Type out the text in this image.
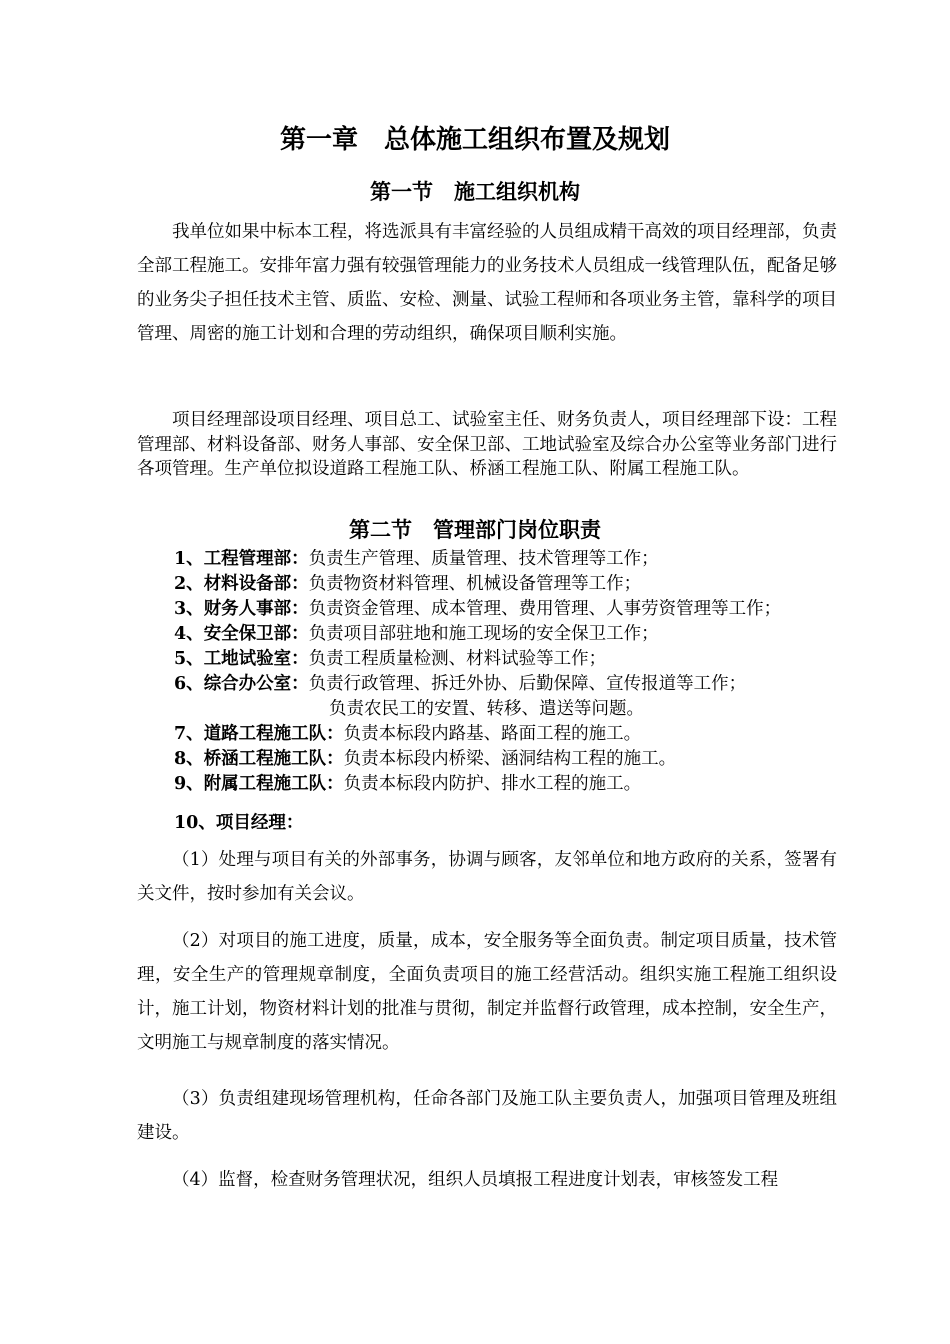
第一章　总体施工组织布置及规划
第一节　施工组织机构
我单位如果中标本工程，将选派具有丰富经验的人员组成精干高效的项目经理部，负责全部工程施工。安排年富力强有较强管理能力的业务技术人员组成一线管理队伍，配备足够的业务尖子担任技术主管、质监、安检、测量、试验工程师和各项业务主管，靠科学的项目管理、周密的施工计划和合理的劳动组织，确保项目顺利实施。
项目经理部设项目经理、项目总工、试验室主任、财务负责人，项目经理部下设：工程管理部、材料设备部、财务人事部、安全保卫部、工地试验室及综合办公室等业务部门进行各项管理。生产单位拟设道路工程施工队、桥涵工程施工队、附属工程施工队。
第二节　管理部门岗位职责
1、工程管理部：负责生产管理、质量管理、技术管理等工作；
2、材料设备部：负责物资材料管理、机械设备管理等工作；
3、财务人事部：负责资金管理、成本管理、费用管理、人事劳资管理等工作；
4、安全保卫部：负责项目部驻地和施工现场的安全保卫工作；
5、工地试验室：负责工程质量检测、材料试验等工作；
6、综合办公室：负责行政管理、拆迁外协、后勤保障、宣传报道等工作；
负责农民工的安置、转移、遣送等问题。
7、道路工程施工队：负责本标段内路基、路面工程的施工。
8、桥涵工程施工队：负责本标段内桥梁、涵洞结构工程的施工。
9、附属工程施工队：负责本标段内防护、排水工程的施工。
10、项目经理：
（1）处理与项目有关的外部事务，协调与顾客，友邻单位和地方政府的关系，签署有关文件，按时参加有关会议。
（2）对项目的施工进度，质量，成本，安全服务等全面负责。制定项目质量，技术管理，安全生产的管理规章制度，全面负责项目的施工经营活动。组织实施工程施工组织设计，施工计划，物资材料计划的批准与贯彻，制定并监督行政管理，成本控制，安全生产，文明施工与规章制度的落实情况。
（3）负责组建现场管理机构，任命各部门及施工队主要负责人，加强项目管理及班组建设。
（4）监督，检查财务管理状况，组织人员填报工程进度计划表，审核签发工程
